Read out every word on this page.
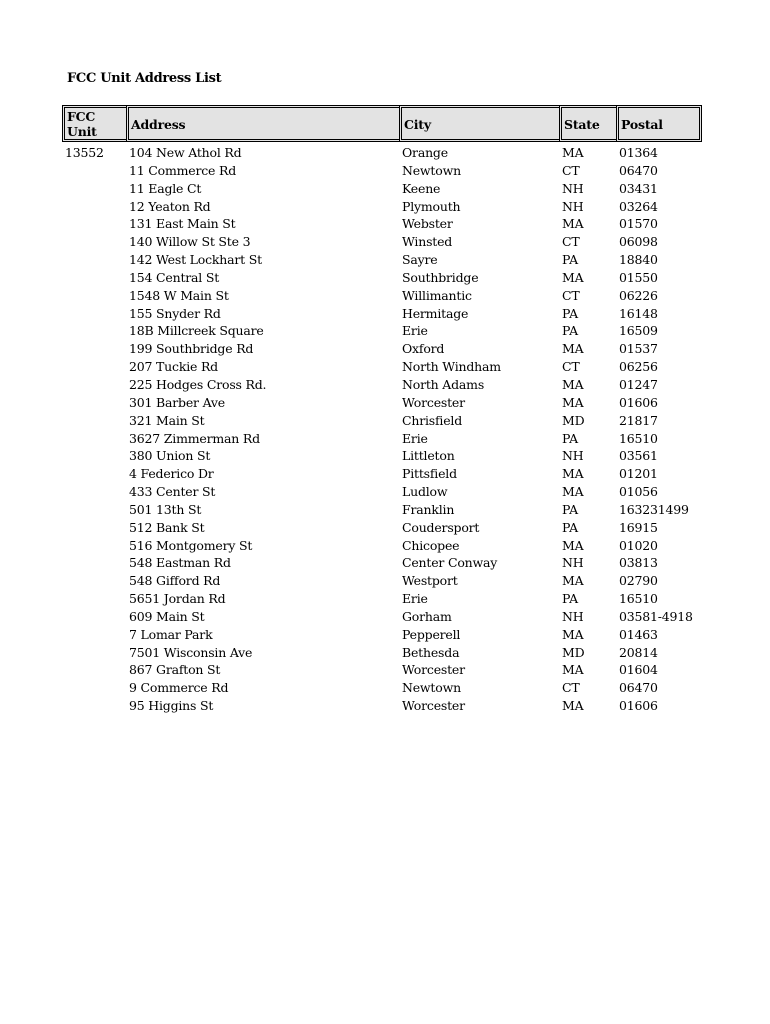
FCC Unit Address List
FCC Unit	Address	City	State	Postal
13552	104 New Athol Rd	Orange	MA	01364
	11 Commerce Rd	Newtown	CT	06470
	11 Eagle Ct	Keene	NH	03431
	12 Yeaton Rd	Plymouth	NH	03264
	131 East Main St	Webster	MA	01570
	140 Willow St Ste 3	Winsted	CT	06098
	142 West Lockhart St	Sayre	PA	18840
	154 Central St	Southbridge	MA	01550
	1548 W Main St	Willimantic	CT	06226
	155 Snyder Rd	Hermitage	PA	16148
	18B Millcreek Square	Erie	PA	16509
	199 Southbridge Rd	Oxford	MA	01537
	207 Tuckie Rd	North Windham	CT	06256
	225 Hodges Cross Rd.	North Adams	MA	01247
	301 Barber Ave	Worcester	MA	01606
	321 Main St	Chrisfield	MD	21817
	3627 Zimmerman Rd	Erie	PA	16510
	380 Union St	Littleton	NH	03561
	4 Federico Dr	Pittsfield	MA	01201
	433 Center St	Ludlow	MA	01056
	501 13th St	Franklin	PA	163231499
	512 Bank St	Coudersport	PA	16915
	516 Montgomery St	Chicopee	MA	01020
	548 Eastman Rd	Center Conway	NH	03813
	548 Gifford Rd	Westport	MA	02790
	5651 Jordan Rd	Erie	PA	16510
	609 Main St	Gorham	NH	03581-4918
	7 Lomar Park	Pepperell	MA	01463
	7501 Wisconsin Ave	Bethesda	MD	20814
	867 Grafton St	Worcester	MA	01604
	9 Commerce Rd	Newtown	CT	06470
	95 Higgins St	Worcester	MA	01606
